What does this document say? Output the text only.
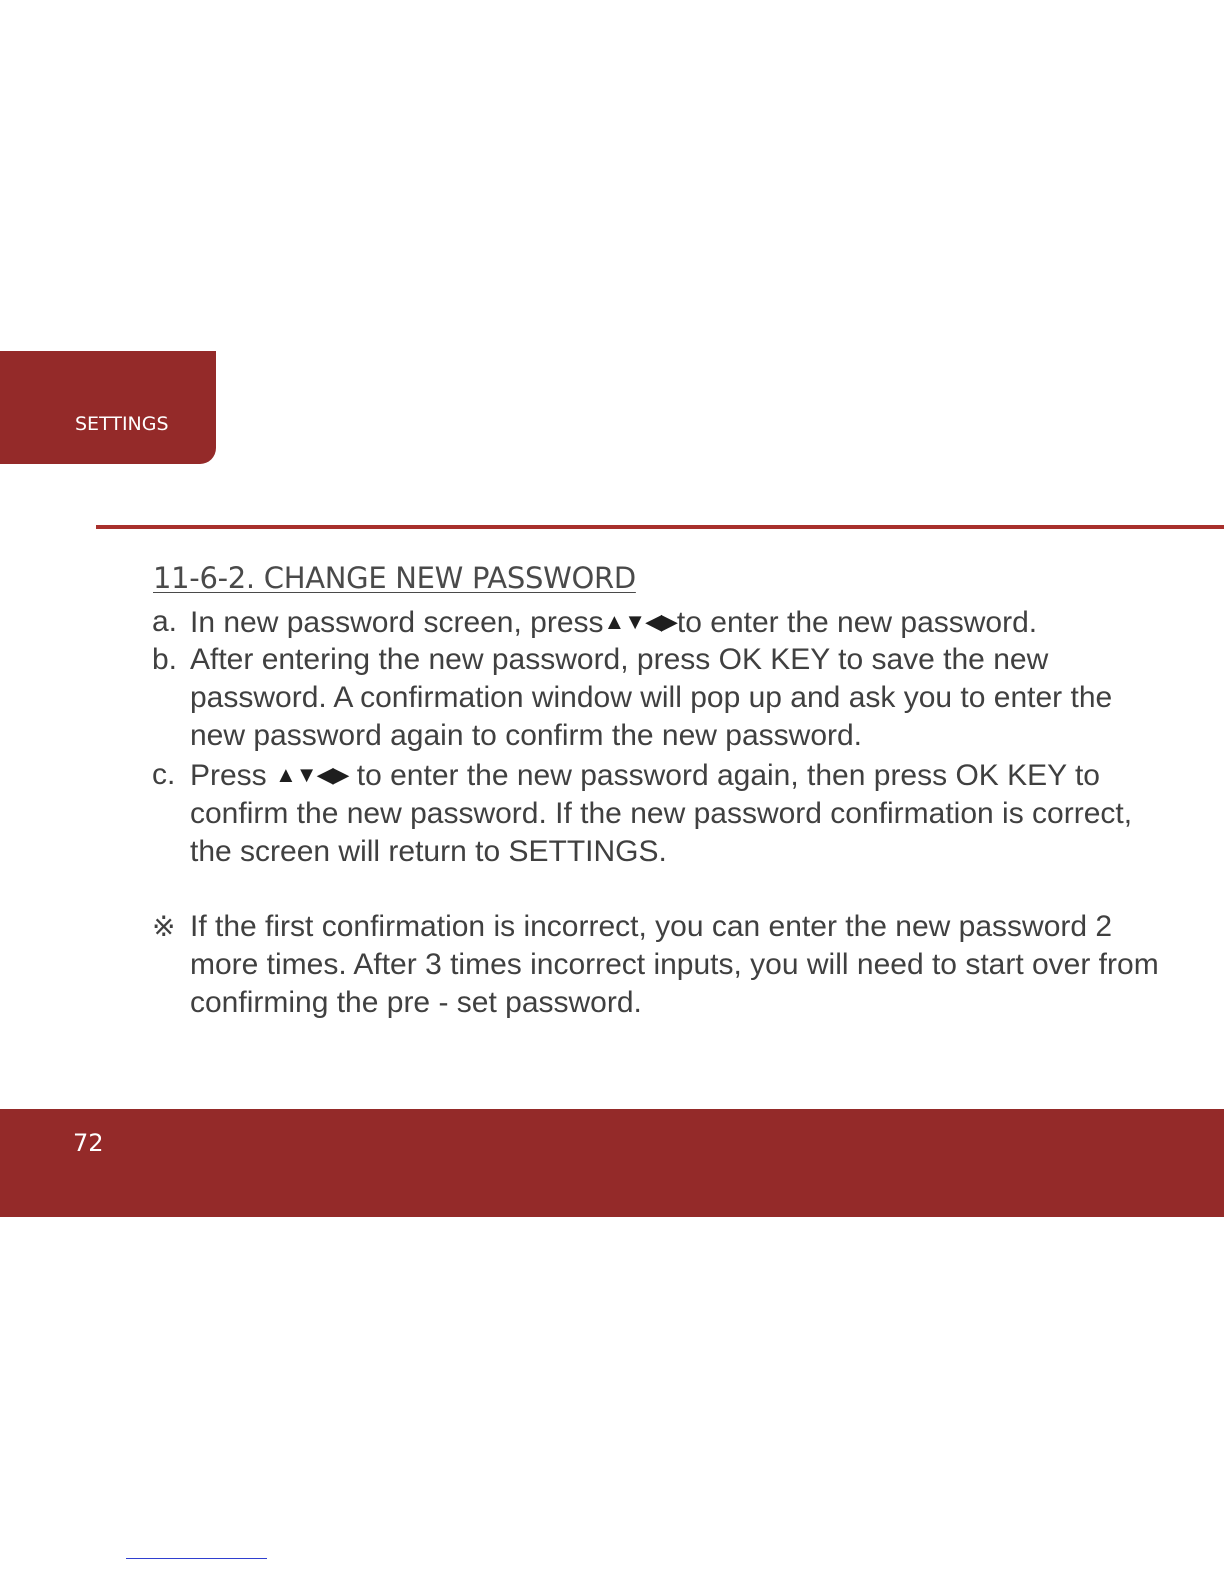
SETTINGS
11-6-2. CHANGE NEW PASSWORD
a. In new password screen, press▲▼◀▶to enter the new password.
b. After entering the new password, press OK KEY to save the new password. A confirmation window will pop up and ask you to enter the new password again to confirm the new password.
c. Press ▲▼◀▶ to enter the new password again, then press OK KEY to confirm the new password. If the new password confirmation is correct, the screen will return to SETTINGS.
※ If the first confirmation is incorrect, you can enter the new password 2 more times. After 3 times incorrect inputs, you will need to start over from confirming the pre - set password.
72
